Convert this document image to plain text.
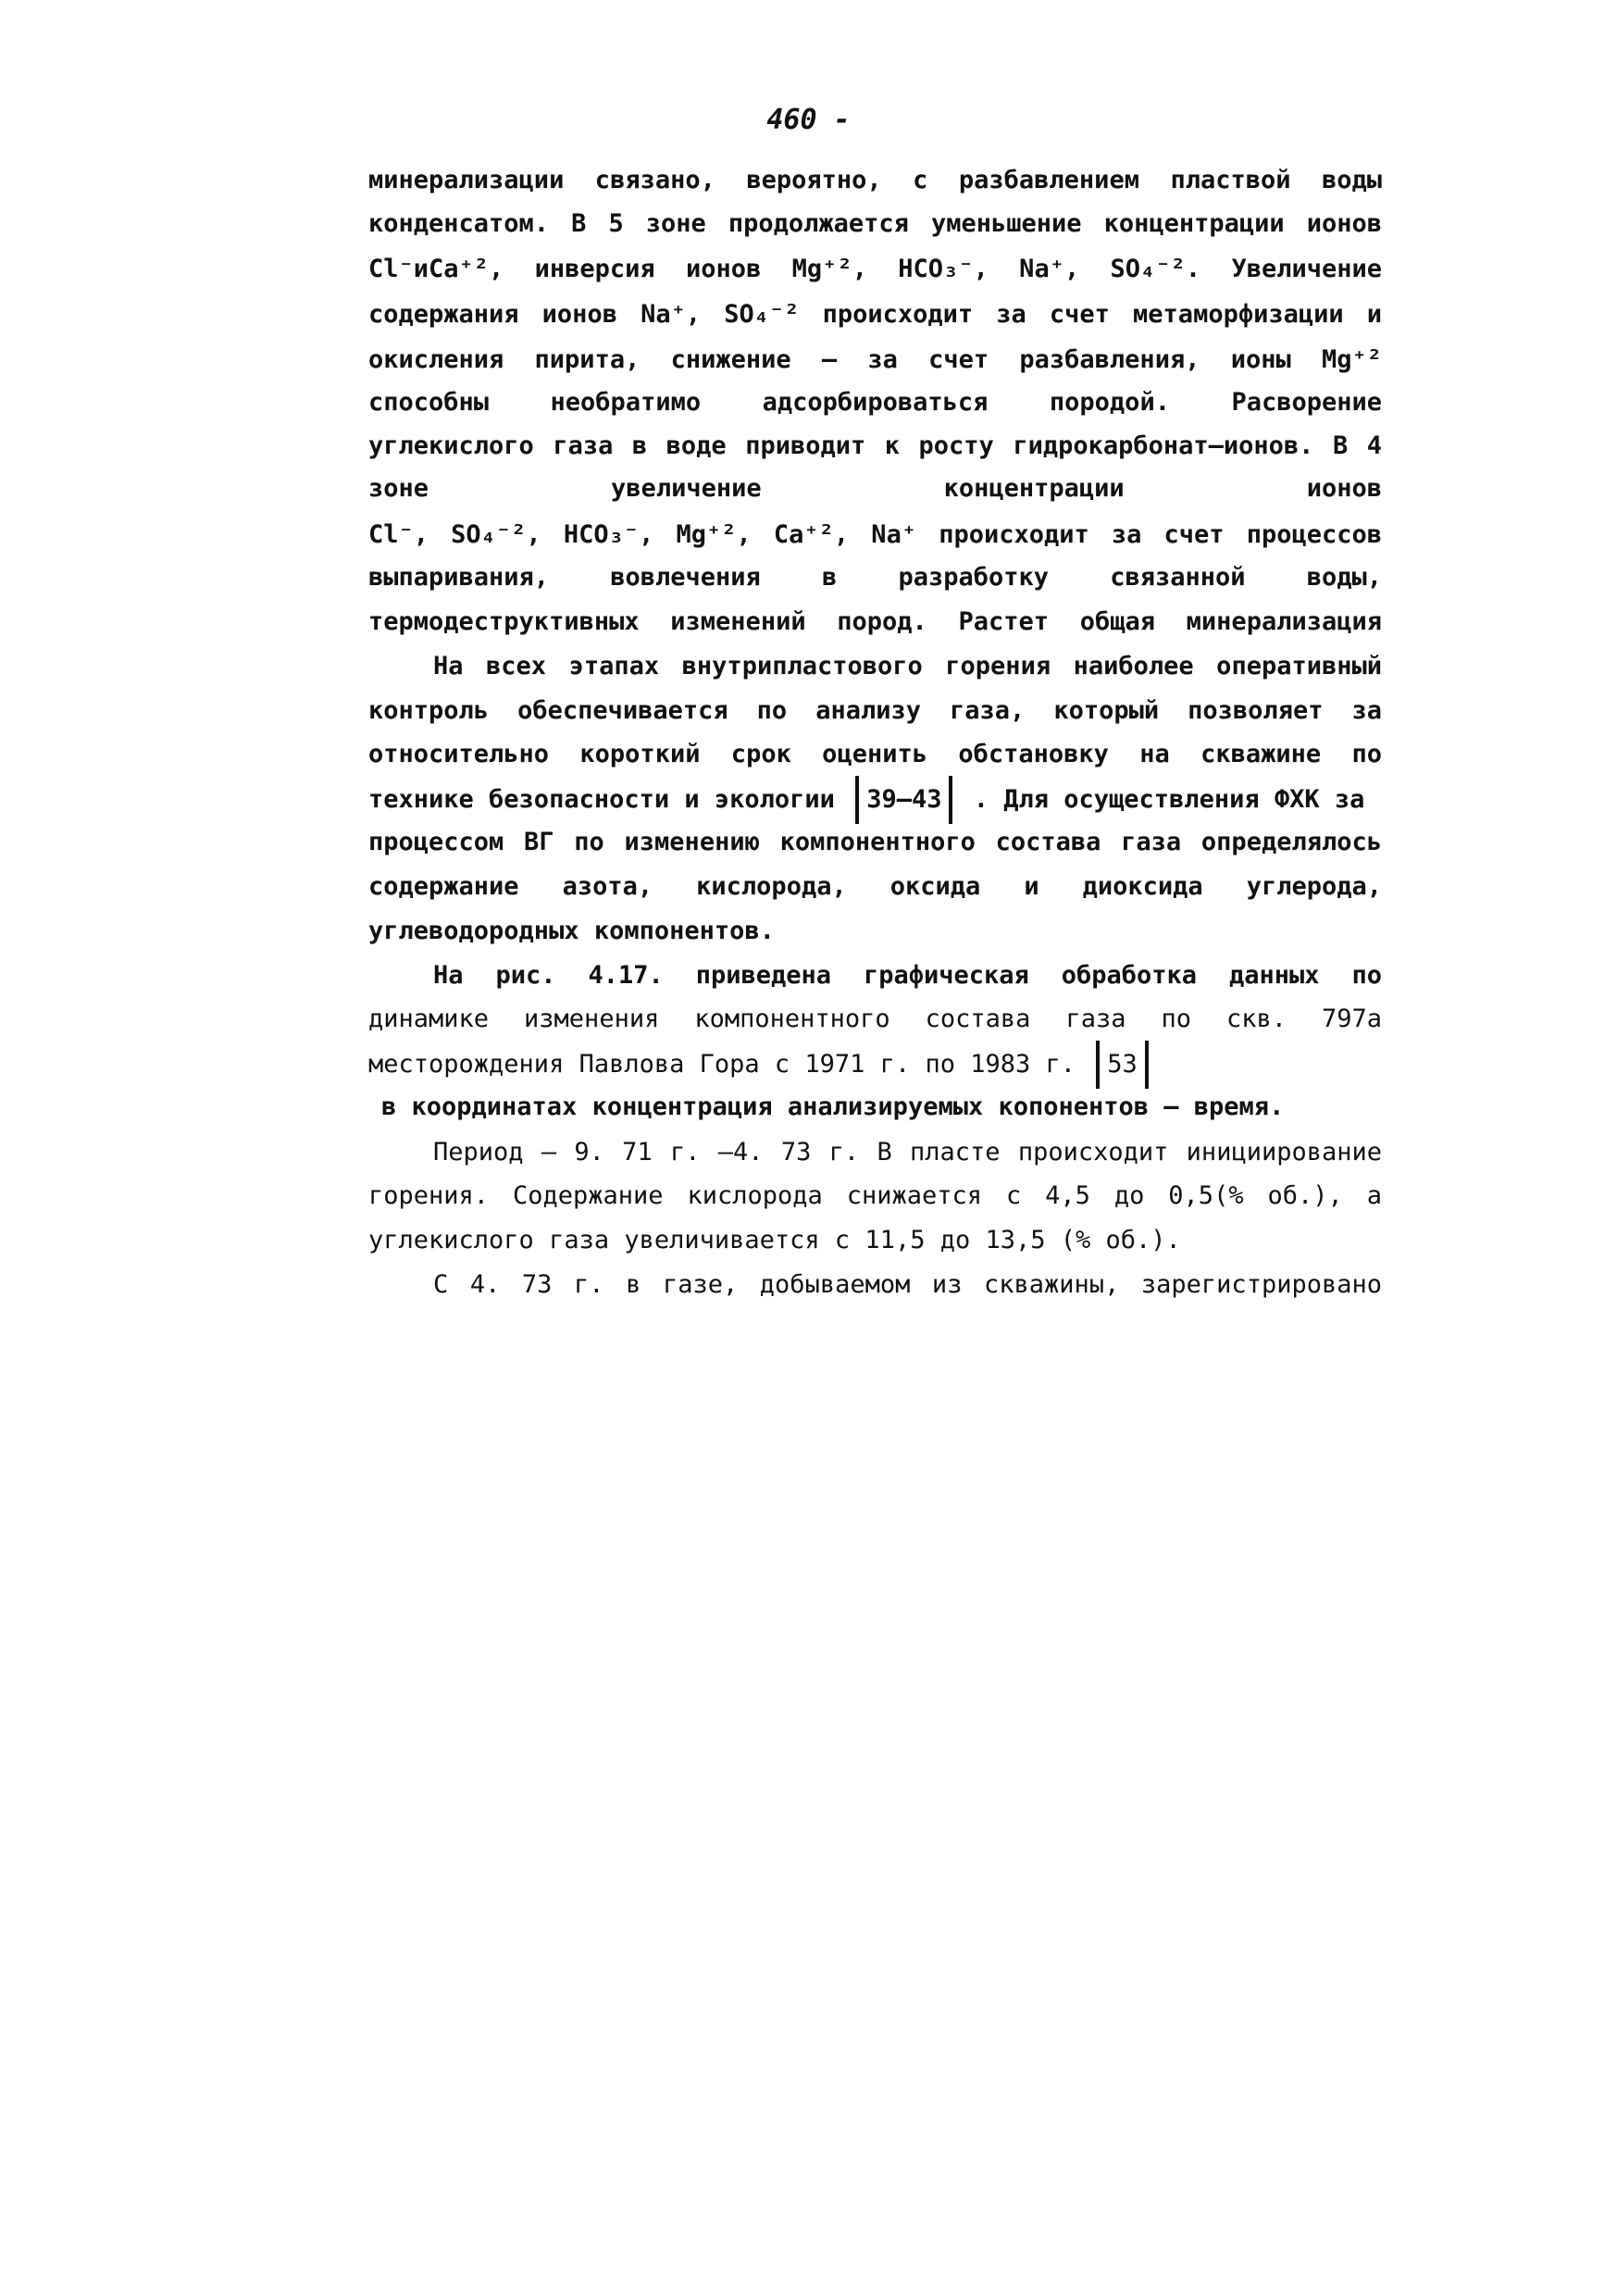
460 -
минерализации связано, вероятно, с разбавлением пластвой воды
конденсатом. В 5 зоне продолжается уменьшение концентрации ионов
Cl⁻иCa⁺², инверсия ионов Mg⁺², HCO₃⁻, Na⁺, SO₄⁻². Увеличение
содержания ионов Na⁺, SO₄⁻² происходит за счет метаморфизации и
окисления пирита, снижение – за счет разбавления, ионы Mg⁺²
способны необратимо адсорбироваться породой. Расворение
углекислого газа в воде приводит к росту гидрокарбонат–ионов. В 4
зоне увеличение концентрации ионов
Cl⁻, SO₄⁻², HCO₃⁻, Mg⁺², Ca⁺², Na⁺ происходит за счет процессов
выпаривания, вовлечения в разработку связанной воды,
термодеструктивных изменений пород. Растет общая минерализация
На всех этапах внутрипластового горения наиболее оперативный
контроль обеспечивается по анализу газа, который позволяет за
относительно короткий срок оценить обстановку на скважине по
технике безопасности и экологии 39–43 . Для осуществления ФХК за
процессом ВГ по изменению компонентного состава газа определялось
содержание азота, кислорода, оксида и диоксида углерода,
углеводородных компонентов.
На рис. 4.17. приведена графическая обработка данных по
динамике изменения компонентного состава газа по скв. 797а
месторождения Павлова Гора с 1971 г. по 1983 г. 53
в координатах концентрация анализируемых копонентов – время.
Период – 9. 71 г. –4. 73 г. В пласте происходит инициирование
горения. Содержание кислорода снижается с 4,5 до 0,5(% об.), а
углекислого газа увеличивается с 11,5 до 13,5 (% об.).
С 4. 73 г. в газе, добываемом из скважины, зарегистрировано
